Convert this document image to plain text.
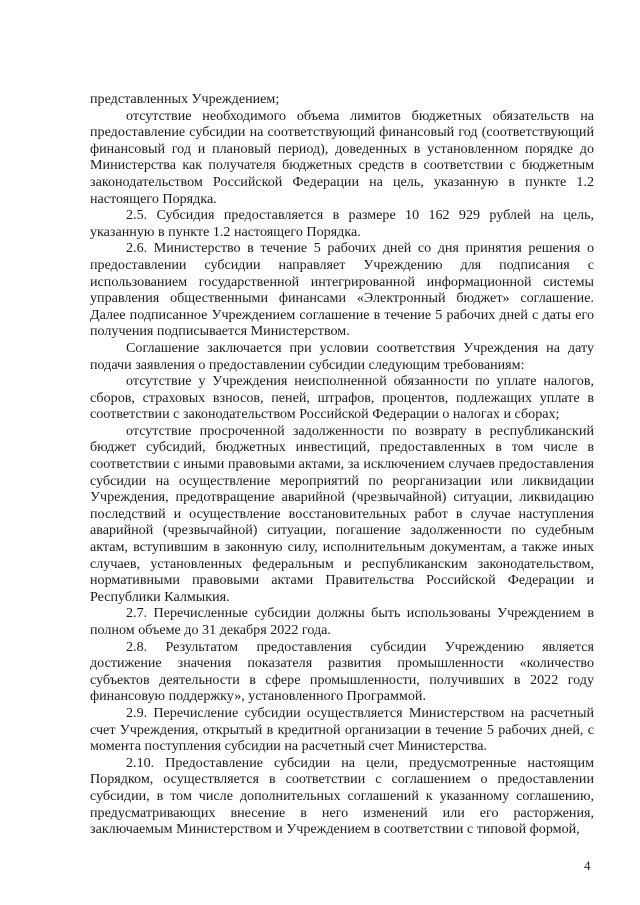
представленных Учреждением;

отсутствие необходимого объема лимитов бюджетных обязательств на предоставление субсидии на соответствующий финансовый год (соответствующий финансовый год и плановый период), доведенных в установленном порядке до Министерства как получателя бюджетных средств в соответствии с бюджетным законодательством Российской Федерации на цель, указанную в пункте 1.2 настоящего Порядка.

2.5. Субсидия предоставляется в размере 10 162 929 рублей на цель, указанную в пункте 1.2 настоящего Порядка.

2.6. Министерство в течение 5 рабочих дней со дня принятия решения о предоставлении субсидии направляет Учреждению для подписания с использованием государственной интегрированной информационной системы управления общественными финансами «Электронный бюджет» соглашение. Далее подписанное Учреждением соглашение в течение 5 рабочих дней с даты его получения подписывается Министерством.

Соглашение заключается при условии соответствия Учреждения на дату подачи заявления о предоставлении субсидии следующим требованиям:

отсутствие у Учреждения неисполненной обязанности по уплате налогов, сборов, страховых взносов, пеней, штрафов, процентов, подлежащих уплате в соответствии с законодательством Российской Федерации о налогах и сборах;

отсутствие просроченной задолженности по возврату в республиканский бюджет субсидий, бюджетных инвестиций, предоставленных в том числе в соответствии с иными правовыми актами, за исключением случаев предоставления субсидии на осуществление мероприятий по реорганизации или ликвидации Учреждения, предотвращение аварийной (чрезвычайной) ситуации, ликвидацию последствий и осуществление восстановительных работ в случае наступления аварийной (чрезвычайной) ситуации, погашение задолженности по судебным актам, вступившим в законную силу, исполнительным документам, а также иных случаев, установленных федеральным и республиканским законодательством, нормативными правовыми актами Правительства Российской Федерации и Республики Калмыкия.

2.7. Перечисленные субсидии должны быть использованы Учреждением в полном объеме до 31 декабря 2022 года.

2.8. Результатом предоставления субсидии Учреждению является достижение значения показателя развития промышленности «количество субъектов деятельности в сфере промышленности, получивших в 2022 году финансовую поддержку», установленного Программой.

2.9. Перечисление субсидии осуществляется Министерством на расчетный счет Учреждения, открытый в кредитной организации в течение 5 рабочих дней, с момента поступления субсидии на расчетный счет Министерства.

2.10. Предоставление субсидии на цели, предусмотренные настоящим Порядком, осуществляется в соответствии с соглашением о предоставлении субсидии, в том числе дополнительных соглашений к указанному соглашению, предусматривающих внесение в него изменений или его расторжения, заключаемым Министерством и Учреждением в соответствии с типовой формой,

4
